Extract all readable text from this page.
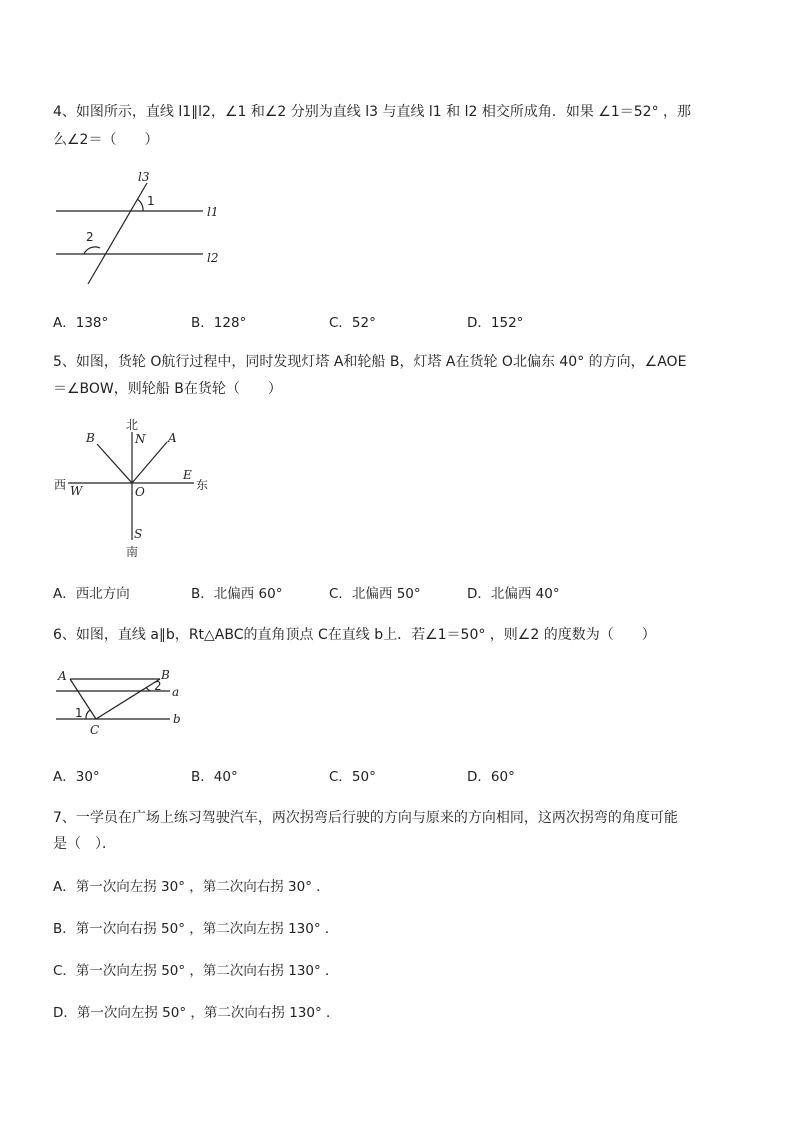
4、如图所示，直线 l1∥l2，∠1 和∠2 分别为直线 l3 与直线 l1 和 l2 相交所成角．如果 ∠1＝52° ，那
么∠2＝（　　）
l3
1
l1
2
l2
A．138°	B．128°	C．52°	D．152°
5、如图，货轮 O航行过程中，同时发现灯塔 A和轮船 B，灯塔 A在货轮 O北偏东 40° 的方向，∠AOE
＝∠BOW，则轮船 B在货轮（　　）
北
N
B	A
E
东
西 W	O
S
南
A．西北方向	B．北偏西 60°	C．北偏西 50°	D．北偏西 40°
6、如图，直线 a∥b，Rt△ABC的直角顶点 C在直线 b上．若∠1＝50° ，则∠2 的度数为（　　）
A	B
2 a
1	b
C
A．30°	B．40°	C．50°	D．60°
7、一学员在广场上练习驾驶汽车，两次拐弯后行驶的方向与原来的方向相同，这两次拐弯的角度可能
是（　）．
A．第一次向左拐 30° ，第二次向右拐 30° ．
B．第一次向右拐 50° ，第二次向左拐 130° ．
C．第一次向左拐 50° ，第二次向右拐 130° ．
D．第一次向左拐 50° ，第二次向右拐 130° ．
